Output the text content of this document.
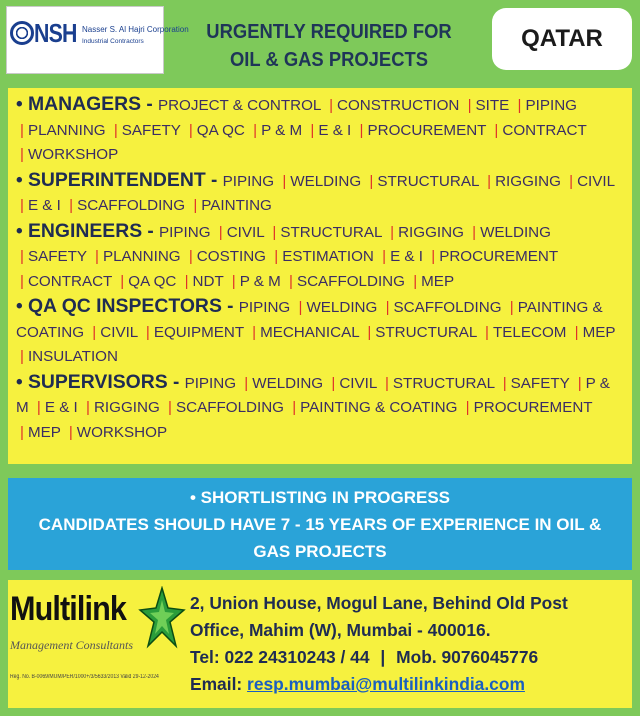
NSH Nasser S. Al Hajri Corporation
Industrial Contractors	URGENTLY REQUIRED FOR
OIL & GAS PROJECTS
QATAR
• MANAGERS - PROJECT & CONTROL | CONSTRUCTION | SITE | PIPING | PLANNING | SAFETY | QA QC | P & M | E & I | PROCUREMENT | CONTRACT | WORKSHOP
• SUPERINTENDENT - PIPING | WELDING | STRUCTURAL | RIGGING | CIVIL | E & I | SCAFFOLDING | PAINTING
• ENGINEERS - PIPING | CIVIL | STRUCTURAL | RIGGING | WELDING | SAFETY | PLANNING | COSTING | ESTIMATION | E & I | PROCUREMENT | CONTRACT | QA QC | NDT | P & M | SCAFFOLDING | MEP
• QA QC INSPECTORS - PIPING | WELDING | SCAFFOLDING | PAINTING & COATING | CIVIL | EQUIPMENT | MECHANICAL | STRUCTURAL | TELECOM | MEP | INSULATION
• SUPERVISORS - PIPING | WELDING | CIVIL | STRUCTURAL | SAFETY | P & M | E & I | RIGGING | SCAFFOLDING | PAINTING & COATING | PROCUREMENT | MEP | WORKSHOP
• SHORTLISTING IN PROGRESS
CANDIDATES SHOULD HAVE 7 - 15 YEARS OF EXPERIENCE IN OIL &
GAS PROJECTS
Multilink
Management Consultants
Reg. No. B-0069/MUM/PER/1000+/3/5633/2013 Valid 29-12-2024
2, Union House, Mogul Lane, Behind Old Post
Office, Mahim (W), Mumbai - 400016.
Tel: 022 24310243 / 44 | Mob. 9076045776
Email: resp.mumbai@multilinkindia.com
